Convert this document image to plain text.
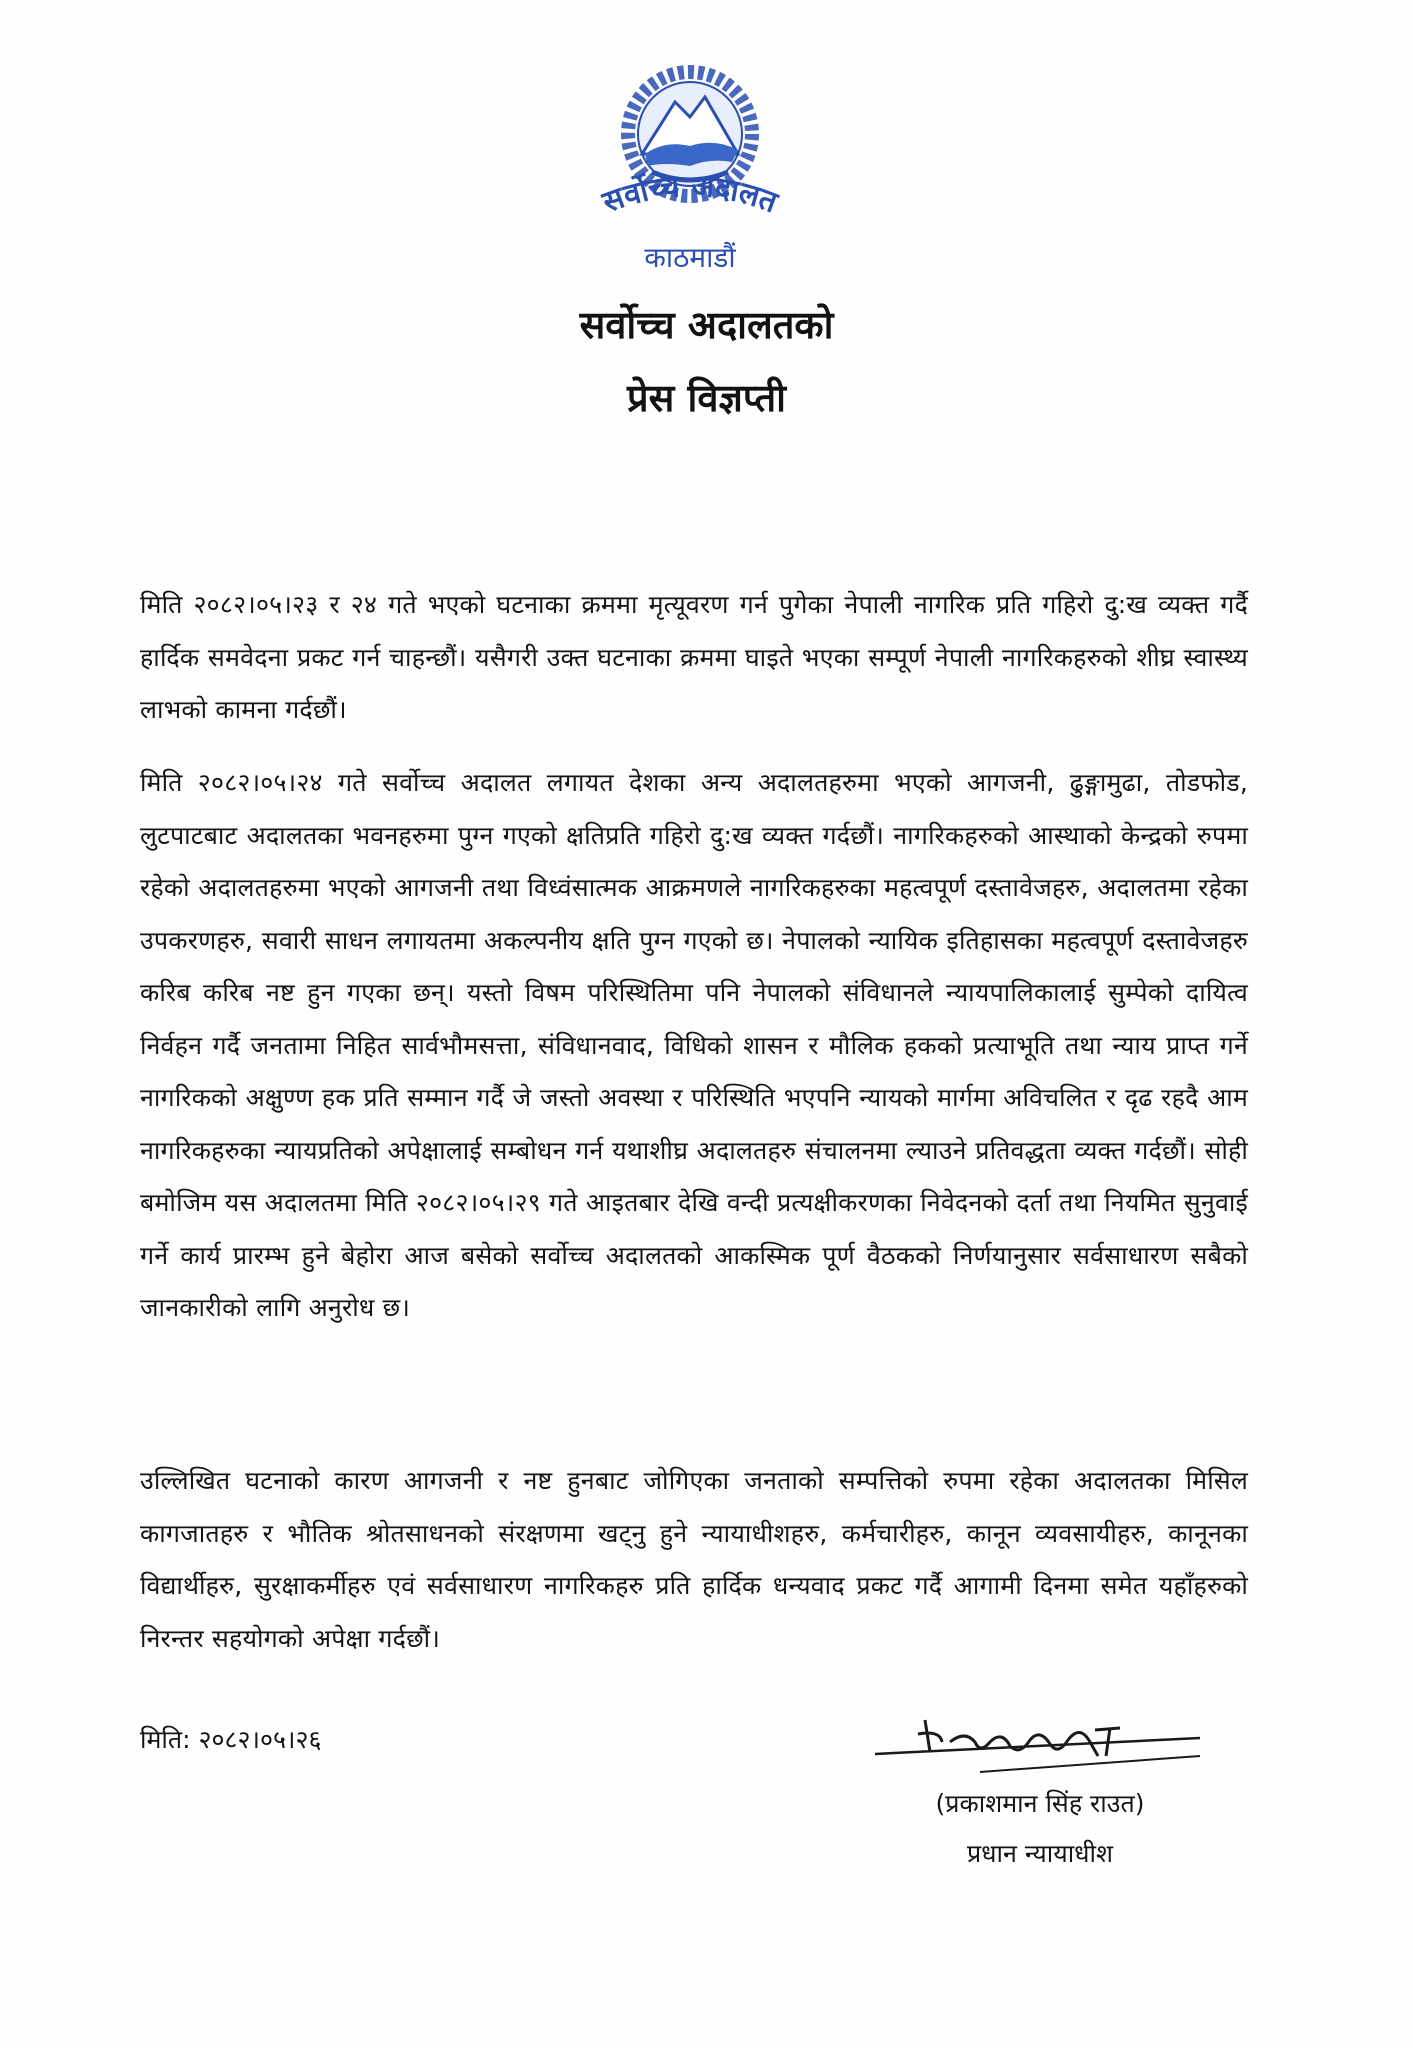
सर्वोच्च अदालत
काठमाडौं
सर्वोच्च अदालतको
प्रेस विज्ञप्ती

मिति २०८२।०५।२३ र २४ गते भएको घटनाका क्रममा मृत्यूवरण गर्न पुगेका नेपाली नागरिक प्रति गहिरो दु:ख व्यक्त गर्दै हार्दिक समवेदना प्रकट गर्न चाहन्छौं। यसैगरी उक्त घटनाका क्रममा घाइते भएका सम्पूर्ण नेपाली नागरिकहरुको शीघ्र स्वास्थ्य लाभको कामना गर्दछौं।

मिति २०८२।०५।२४ गते सर्वोच्च अदालत लगायत देशका अन्य अदालतहरुमा भएको आगजनी, ढुङ्गामुढा, तोडफोड, लुटपाटबाट अदालतका भवनहरुमा पुग्न गएको क्षतिप्रति गहिरो दु:ख व्यक्त गर्दछौं। नागरिकहरुको आस्थाको केन्द्रको रुपमा रहेको अदालतहरुमा भएको आगजनी तथा विध्वंसात्मक आक्रमणले नागरिकहरुका महत्वपूर्ण दस्तावेजहरु, अदालतमा रहेका उपकरणहरु, सवारी साधन लगायतमा अकल्पनीय क्षति पुग्न गएको छ। नेपालको न्यायिक इतिहासका महत्वपूर्ण दस्तावेजहरु करिब करिब नष्ट हुन गएका छन्। यस्तो विषम परिस्थितिमा पनि नेपालको संविधानले न्यायपालिकालाई सुम्पेको दायित्व निर्वहन गर्दै जनतामा निहित सार्वभौमसत्ता, संविधानवाद, विधिको शासन र मौलिक हकको प्रत्याभूति तथा न्याय प्राप्त गर्ने नागरिकको अक्षुण्ण हक प्रति सम्मान गर्दै जे जस्तो अवस्था र परिस्थिति भएपनि न्यायको मार्गमा अविचलित र दृढ रहदै आम नागरिकहरुका न्यायप्रतिको अपेक्षालाई सम्बोधन गर्न यथाशीघ्र अदालतहरु संचालनमा ल्याउने प्रतिवद्धता व्यक्त गर्दछौं। सोही बमोजिम यस अदालतमा मिति २०८२।०५।२९ गते आइतबार देखि वन्दी प्रत्यक्षीकरणका निवेदनको दर्ता तथा नियमित सुनुवाई गर्ने कार्य प्रारम्भ हुने बेहोरा आज बसेको सर्वोच्च अदालतको आकस्मिक पूर्ण वैठकको निर्णयानुसार सर्वसाधारण सबैको जानकारीको लागि अनुरोध छ।

उल्लिखित घटनाको कारण आगजनी र नष्ट हुनबाट जोगिएका जनताको सम्पत्तिको रुपमा रहेका अदालतका मिसिल कागजातहरु र भौतिक श्रोतसाधनको संरक्षणमा खट्नु हुने न्यायाधीशहरु, कर्मचारीहरु, कानून व्यवसायीहरु, कानूनका विद्यार्थीहरु, सुरक्षाकर्मीहरु एवं सर्वसाधारण नागरिकहरु प्रति हार्दिक धन्यवाद प्रकट गर्दै आगामी दिनमा समेत यहाँहरुको निरन्तर सहयोगको अपेक्षा गर्दछौं।

मिति: २०८२।०५।२६
(प्रकाशमान सिंह राउत)
प्रधान न्यायाधीश
